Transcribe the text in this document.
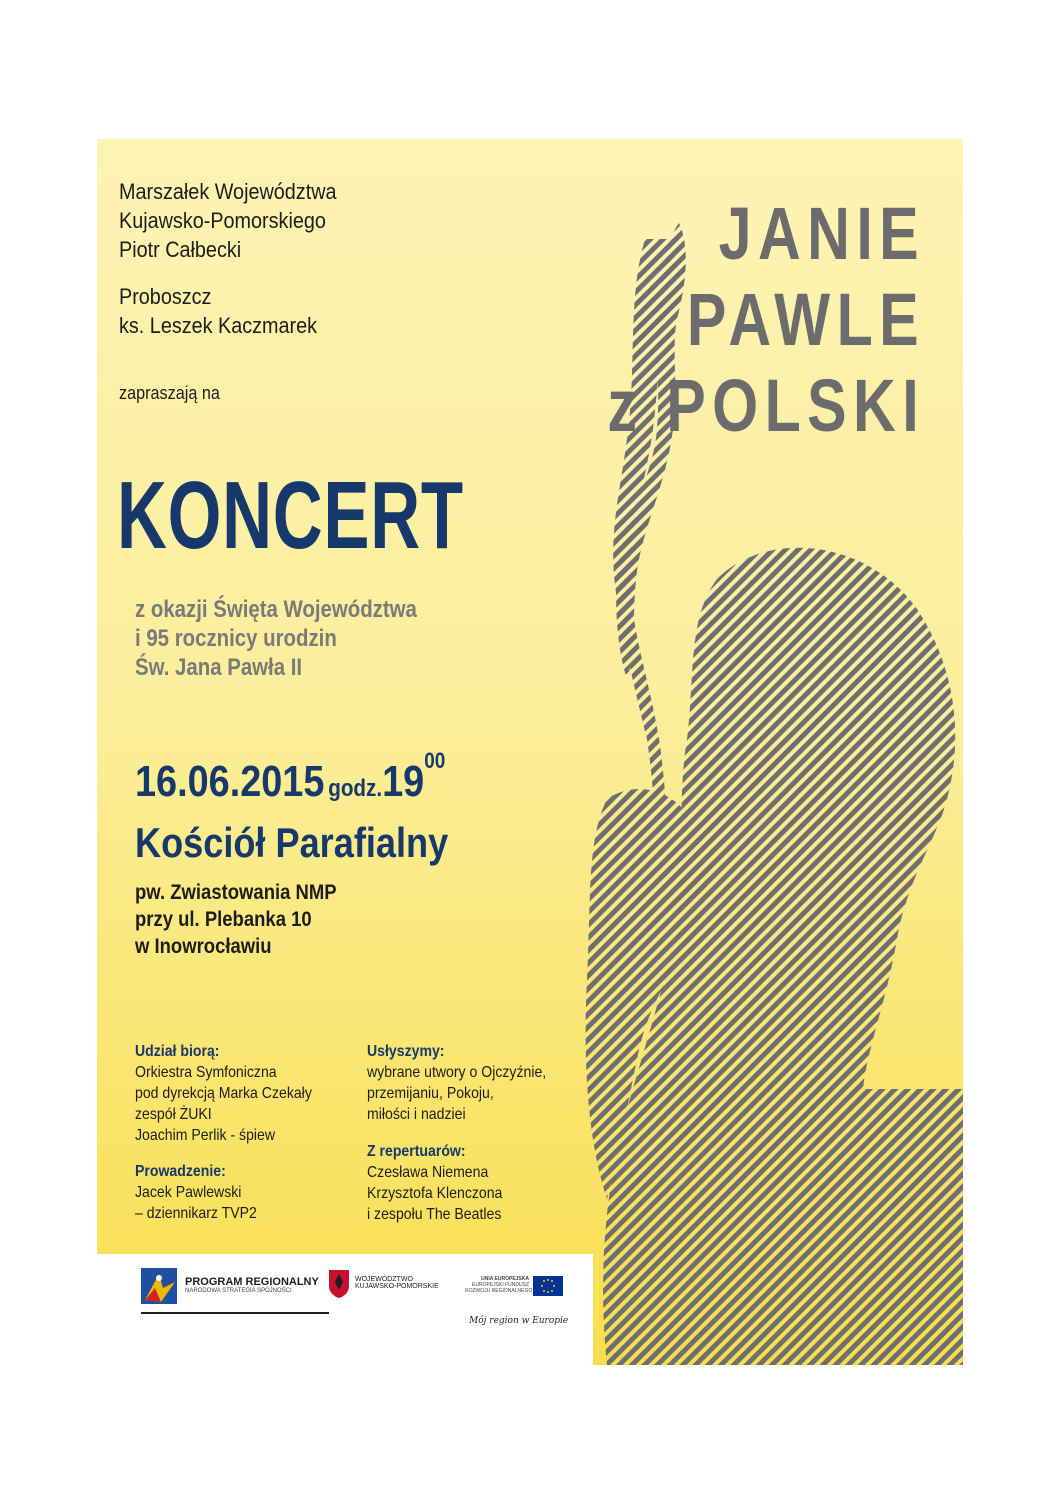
Marszałek Województwa
Kujawsko-Pomorskiego
Piotr Całbecki
Proboszcz
ks. Leszek Kaczmarek
zapraszają na
KONCERT
z okazji Święta Województwa
i 95 rocznicy urodzin
Św. Jana Pawła II
16.06.2015 $godz.19^{00}$
Kościół Parafialny
pw. Zwiastowania NMP
przy ul. Plebanka 10
w Inowrocławiu
Udział biorą:
Orkiestra Symfoniczna
pod dyrekcją Marka Czekały
zespół ŻUKI
Joachim Perlik - śpiew
Prowadzenie:
Jacek Pawlewski
– dziennikarz TVP2
Usłyszymy:
wybrane utwory o Ojczyźnie,
przemijaniu, Pokoju,
miłości i nadziei
Z repertuarów:
Czesława Niemena
Krzysztofa Klenczona
i zespołu The Beatles
JANIE
PAWLE
z POLSKI
PROGRAM REGIONALNY
NARODOWA STRATEGIA SPÓJNOŚCI
WOJEWÓDZTWO
KUJAWSKO-POMORSKIE
UNIA EUROPEJSKA
EUROPEJSKI FUNDUSZ
ROZWOJU REGIONALNEGO
Mój region w Europie
